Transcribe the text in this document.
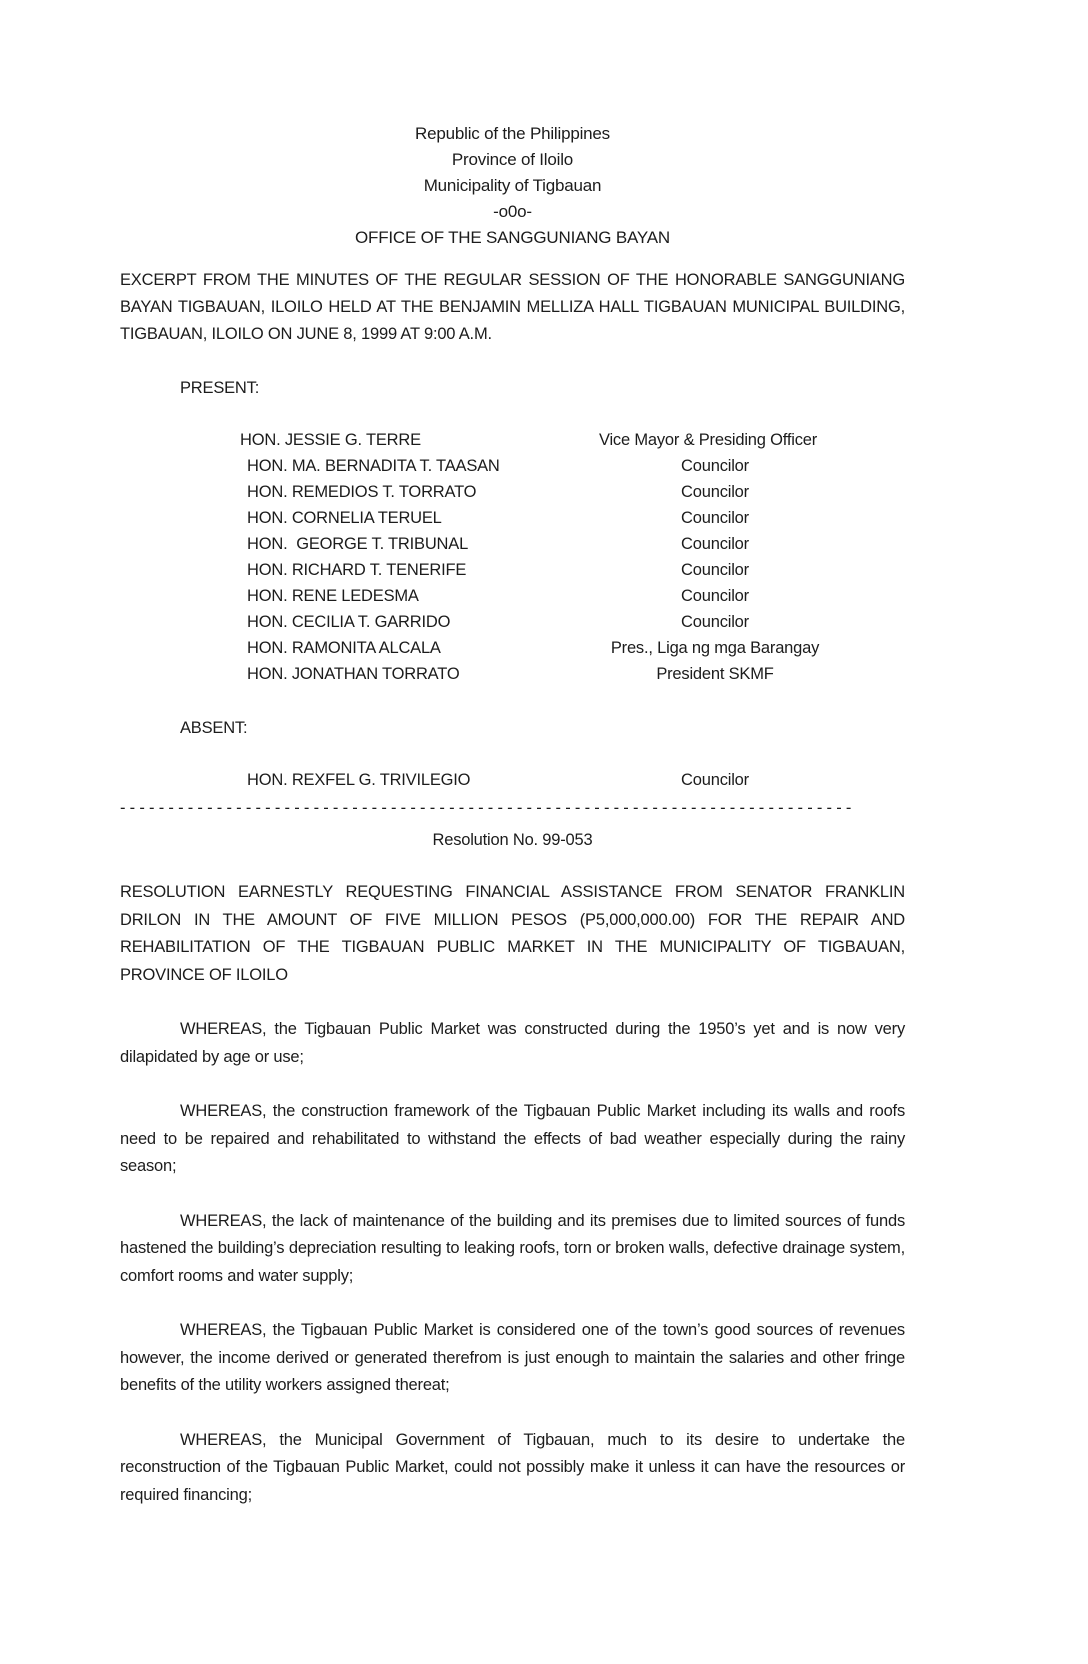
Republic of the Philippines
Province of Iloilo
Municipality of Tigbauan
-o0o-
OFFICE OF THE SANGGUNIANG BAYAN

EXCERPT FROM THE MINUTES OF THE REGULAR SESSION OF THE HONORABLE SANGGUNIANG BAYAN TIGBAUAN, ILOILO HELD AT THE BENJAMIN MELLIZA HALL TIGBAUAN MUNICIPAL BUILDING, TIGBAUAN, ILOILO ON JUNE 8, 1999 AT 9:00 A.M.

PRESENT:
HON. JESSIE G. TERRE	Vice Mayor & Presiding Officer
HON. MA. BERNADITA T. TAASAN	Councilor
HON. REMEDIOS T. TORRATO	Councilor
HON. CORNELIA TERUEL	Councilor
HON.  GEORGE T. TRIBUNAL	Councilor
HON. RICHARD T. TENERIFE	Councilor
HON. RENE LEDESMA	Councilor
HON. CECILIA T. GARRIDO	Councilor
HON. RAMONITA ALCALA	Pres., Liga ng mga Barangay
HON. JONATHAN TORRATO	President SKMF
ABSENT:
HON. REXFEL G. TRIVILEGIO	Councilor
- - - - - - - - - - - - - - - - - - - - - - - - - - - - - - - - - - - - - - - - - - - - - - - - - - - - - - - - - - - - - - - - - - - - - - - - - - - -
Resolution No. 99-053

RESOLUTION EARNESTLY REQUESTING FINANCIAL ASSISTANCE FROM SENATOR FRANKLIN DRILON IN THE AMOUNT OF FIVE MILLION PESOS (P5,000,000.00) FOR THE REPAIR AND REHABILITATION OF THE TIGBAUAN PUBLIC MARKET IN THE MUNICIPALITY OF TIGBAUAN, PROVINCE OF ILOILO

WHEREAS, the Tigbauan Public Market was constructed during the 1950’s yet and is now very dilapidated by age or use;

WHEREAS, the construction framework of the Tigbauan Public Market including its walls and roofs need to be repaired and rehabilitated to withstand the effects of bad weather especially during the rainy season;

WHEREAS, the lack of maintenance of the building and its premises due to limited sources of funds hastened the building’s depreciation resulting to leaking roofs, torn or broken walls, defective drainage system, comfort rooms and water supply;

WHEREAS, the Tigbauan Public Market is considered one of the town’s good sources of revenues however, the income derived or generated therefrom is just enough to maintain the salaries and other fringe benefits of the utility workers assigned thereat;

WHEREAS, the Municipal Government of Tigbauan, much to its desire to undertake the reconstruction of the Tigbauan Public Market, could not possibly make it unless it can have the resources or required financing;
